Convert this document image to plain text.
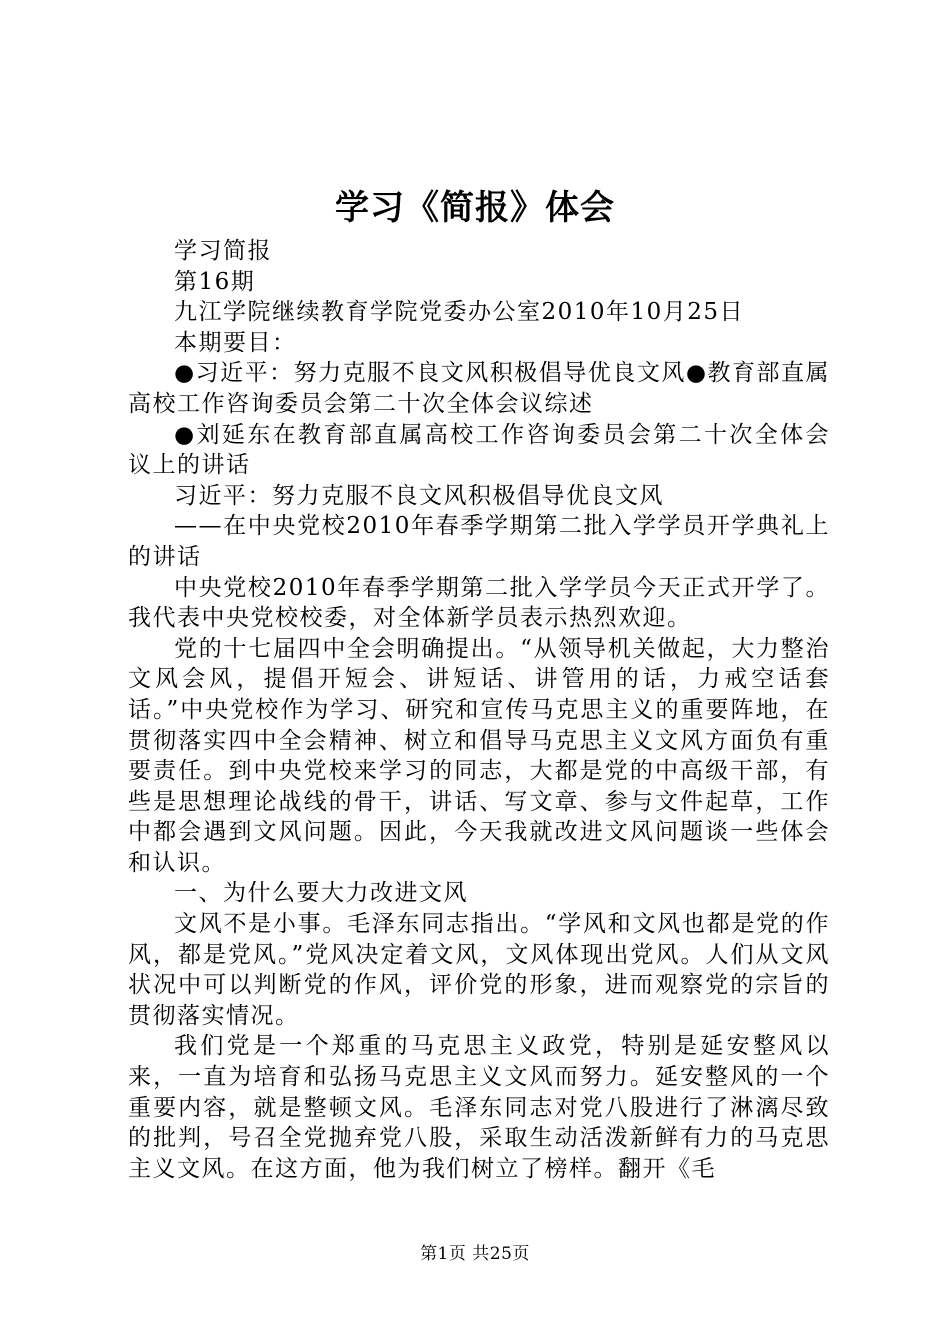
学习《简报》体会

学习简报

第16期

九江学院继续教育学院党委办公室2010年10月25日

本期要目：

●习近平：努力克服不良文风积极倡导优良文风●教育部直属高校工作咨询委员会第二十次全体会议综述

●刘延东在教育部直属高校工作咨询委员会第二十次全体会议上的讲话

习近平：努力克服不良文风积极倡导优良文风

——在中央党校2010年春季学期第二批入学学员开学典礼上的讲话

中央党校2010年春季学期第二批入学学员今天正式开学了。我代表中央党校校委，对全体新学员表示热烈欢迎。

党的十七届四中全会明确提出。“从领导机关做起，大力整治文风会风，提倡开短会、讲短话、讲管用的话，力戒空话套话。”中央党校作为学习、研究和宣传马克思主义的重要阵地，在贯彻落实四中全会精神、树立和倡导马克思主义文风方面负有重要责任。到中央党校来学习的同志，大都是党的中高级干部，有些是思想理论战线的骨干，讲话、写文章、参与文件起草，工作中都会遇到文风问题。因此，今天我就改进文风问题谈一些体会和认识。

一、为什么要大力改进文风

文风不是小事。毛泽东同志指出。“学风和文风也都是党的作风，都是党风。”党风决定着文风，文风体现出党风。人们从文风状况中可以判断党的作风，评价党的形象，进而观察党的宗旨的贯彻落实情况。

我们党是一个郑重的马克思主义政党，特别是延安整风以来，一直为培育和弘扬马克思主义文风而努力。延安整风的一个重要内容，就是整顿文风。毛泽东同志对党八股进行了淋漓尽致的批判，号召全党抛弃党八股，采取生动活泼新鲜有力的马克思主义文风。在这方面，他为我们树立了榜样。翻开《毛

第1页 共25页
